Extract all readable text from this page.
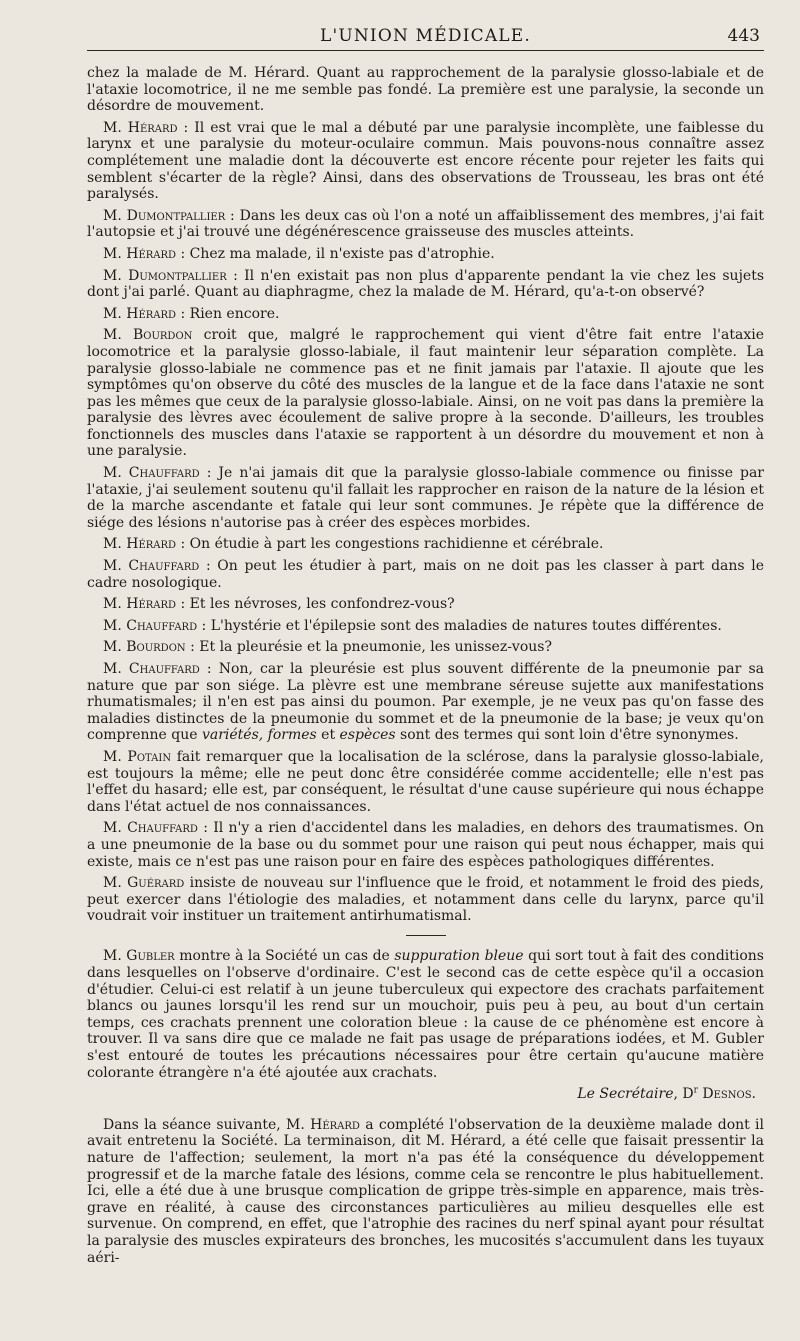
L'UNION MÉDICALE.	443

chez la malade de M. Hérard. Quant au rapprochement de la paralysie glosso-labiale et de l'ataxie locomotrice, il ne me semble pas fondé. La première est une paralysie, la seconde un désordre de mouvement.

M. Hérard : Il est vrai que le mal a débuté par une paralysie incomplète, une faiblesse du larynx et une paralysie du moteur-oculaire commun. Mais pouvons-nous connaître assez complétement une maladie dont la découverte est encore récente pour rejeter les faits qui semblent s'écarter de la règle? Ainsi, dans des observations de Trousseau, les bras ont été paralysés.

M. Dumontpallier : Dans les deux cas où l'on a noté un affaiblissement des membres, j'ai fait l'autopsie et j'ai trouvé une dégénérescence graisseuse des muscles atteints.

M. Hérard : Chez ma malade, il n'existe pas d'atrophie.

M. Dumontpallier : Il n'en existait pas non plus d'apparente pendant la vie chez les sujets dont j'ai parlé. Quant au diaphragme, chez la malade de M. Hérard, qu'a-t-on observé?

M. Hérard : Rien encore.

M. Bourdon croit que, malgré le rapprochement qui vient d'être fait entre l'ataxie locomotrice et la paralysie glosso-labiale, il faut maintenir leur séparation complète. La paralysie glosso-labiale ne commence pas et ne finit jamais par l'ataxie. Il ajoute que les symptômes qu'on observe du côté des muscles de la langue et de la face dans l'ataxie ne sont pas les mêmes que ceux de la paralysie glosso-labiale. Ainsi, on ne voit pas dans la première la paralysie des lèvres avec écoulement de salive propre à la seconde. D'ailleurs, les troubles fonctionnels des muscles dans l'ataxie se rapportent à un désordre du mouvement et non à une paralysie.

M. Chauffard : Je n'ai jamais dit que la paralysie glosso-labiale commence ou finisse par l'ataxie, j'ai seulement soutenu qu'il fallait les rapprocher en raison de la nature de la lésion et de la marche ascendante et fatale qui leur sont communes. Je répète que la différence de siége des lésions n'autorise pas à créer des espèces morbides.

M. Hérard : On étudie à part les congestions rachidienne et cérébrale.

M. Chauffard : On peut les étudier à part, mais on ne doit pas les classer à part dans le cadre nosologique.

M. Hérard : Et les névroses, les confondrez-vous?

M. Chauffard : L'hystérie et l'épilepsie sont des maladies de natures toutes différentes.

M. Bourdon : Et la pleurésie et la pneumonie, les unissez-vous?

M. Chauffard : Non, car la pleurésie est plus souvent différente de la pneumonie par sa nature que par son siége. La plèvre est une membrane séreuse sujette aux manifestations rhumatismales; il n'en est pas ainsi du poumon. Par exemple, je ne veux pas qu'on fasse des maladies distinctes de la pneumonie du sommet et de la pneumonie de la base; je veux qu'on comprenne que variétés, formes et espèces sont des termes qui sont loin d'être synonymes.

M. Potain fait remarquer que la localisation de la sclérose, dans la paralysie glosso-labiale, est toujours la même; elle ne peut donc être considérée comme accidentelle; elle n'est pas l'effet du hasard; elle est, par conséquent, le résultat d'une cause supérieure qui nous échappe dans l'état actuel de nos connaissances.

M. Chauffard : Il n'y a rien d'accidentel dans les maladies, en dehors des traumatismes. On a une pneumonie de la base ou du sommet pour une raison qui peut nous échapper, mais qui existe, mais ce n'est pas une raison pour en faire des espèces pathologiques différentes.

M. Guérard insiste de nouveau sur l'influence que le froid, et notamment le froid des pieds, peut exercer dans l'étiologie des maladies, et notamment dans celle du larynx, parce qu'il voudrait voir instituer un traitement antirhumatismal.

M. Gubler montre à la Société un cas de suppuration bleue qui sort tout à fait des conditions dans lesquelles on l'observe d'ordinaire. C'est le second cas de cette espèce qu'il a occasion d'étudier. Celui-ci est relatif à un jeune tuberculeux qui expectore des crachats parfaitement blancs ou jaunes lorsqu'il les rend sur un mouchoir, puis peu à peu, au bout d'un certain temps, ces crachats prennent une coloration bleue : la cause de ce phénomène est encore à trouver. Il va sans dire que ce malade ne fait pas usage de préparations iodées, et M. Gubler s'est entouré de toutes les précautions nécessaires pour être certain qu'aucune matière colorante étrangère n'a été ajoutée aux crachats.

Le Secrétaire, $D^r$ Desnos.

Dans la séance suivante, M. Hérard a complété l'observation de la deuxième malade dont il avait entretenu la Société. La terminaison, dit M. Hérard, a été celle que faisait pressentir la nature de l'affection; seulement, la mort n'a pas été la conséquence du développement progressif et de la marche fatale des lésions, comme cela se rencontre le plus habituellement. Ici, elle a été due à une brusque complication de grippe très-simple en apparence, mais très-grave en réalité, à cause des circonstances particulières au milieu desquelles elle est survenue. On comprend, en effet, que l'atrophie des racines du nerf spinal ayant pour résultat la paralysie des muscles expirateurs des bronches, les mucosités s'accumulent dans les tuyaux aéri-
